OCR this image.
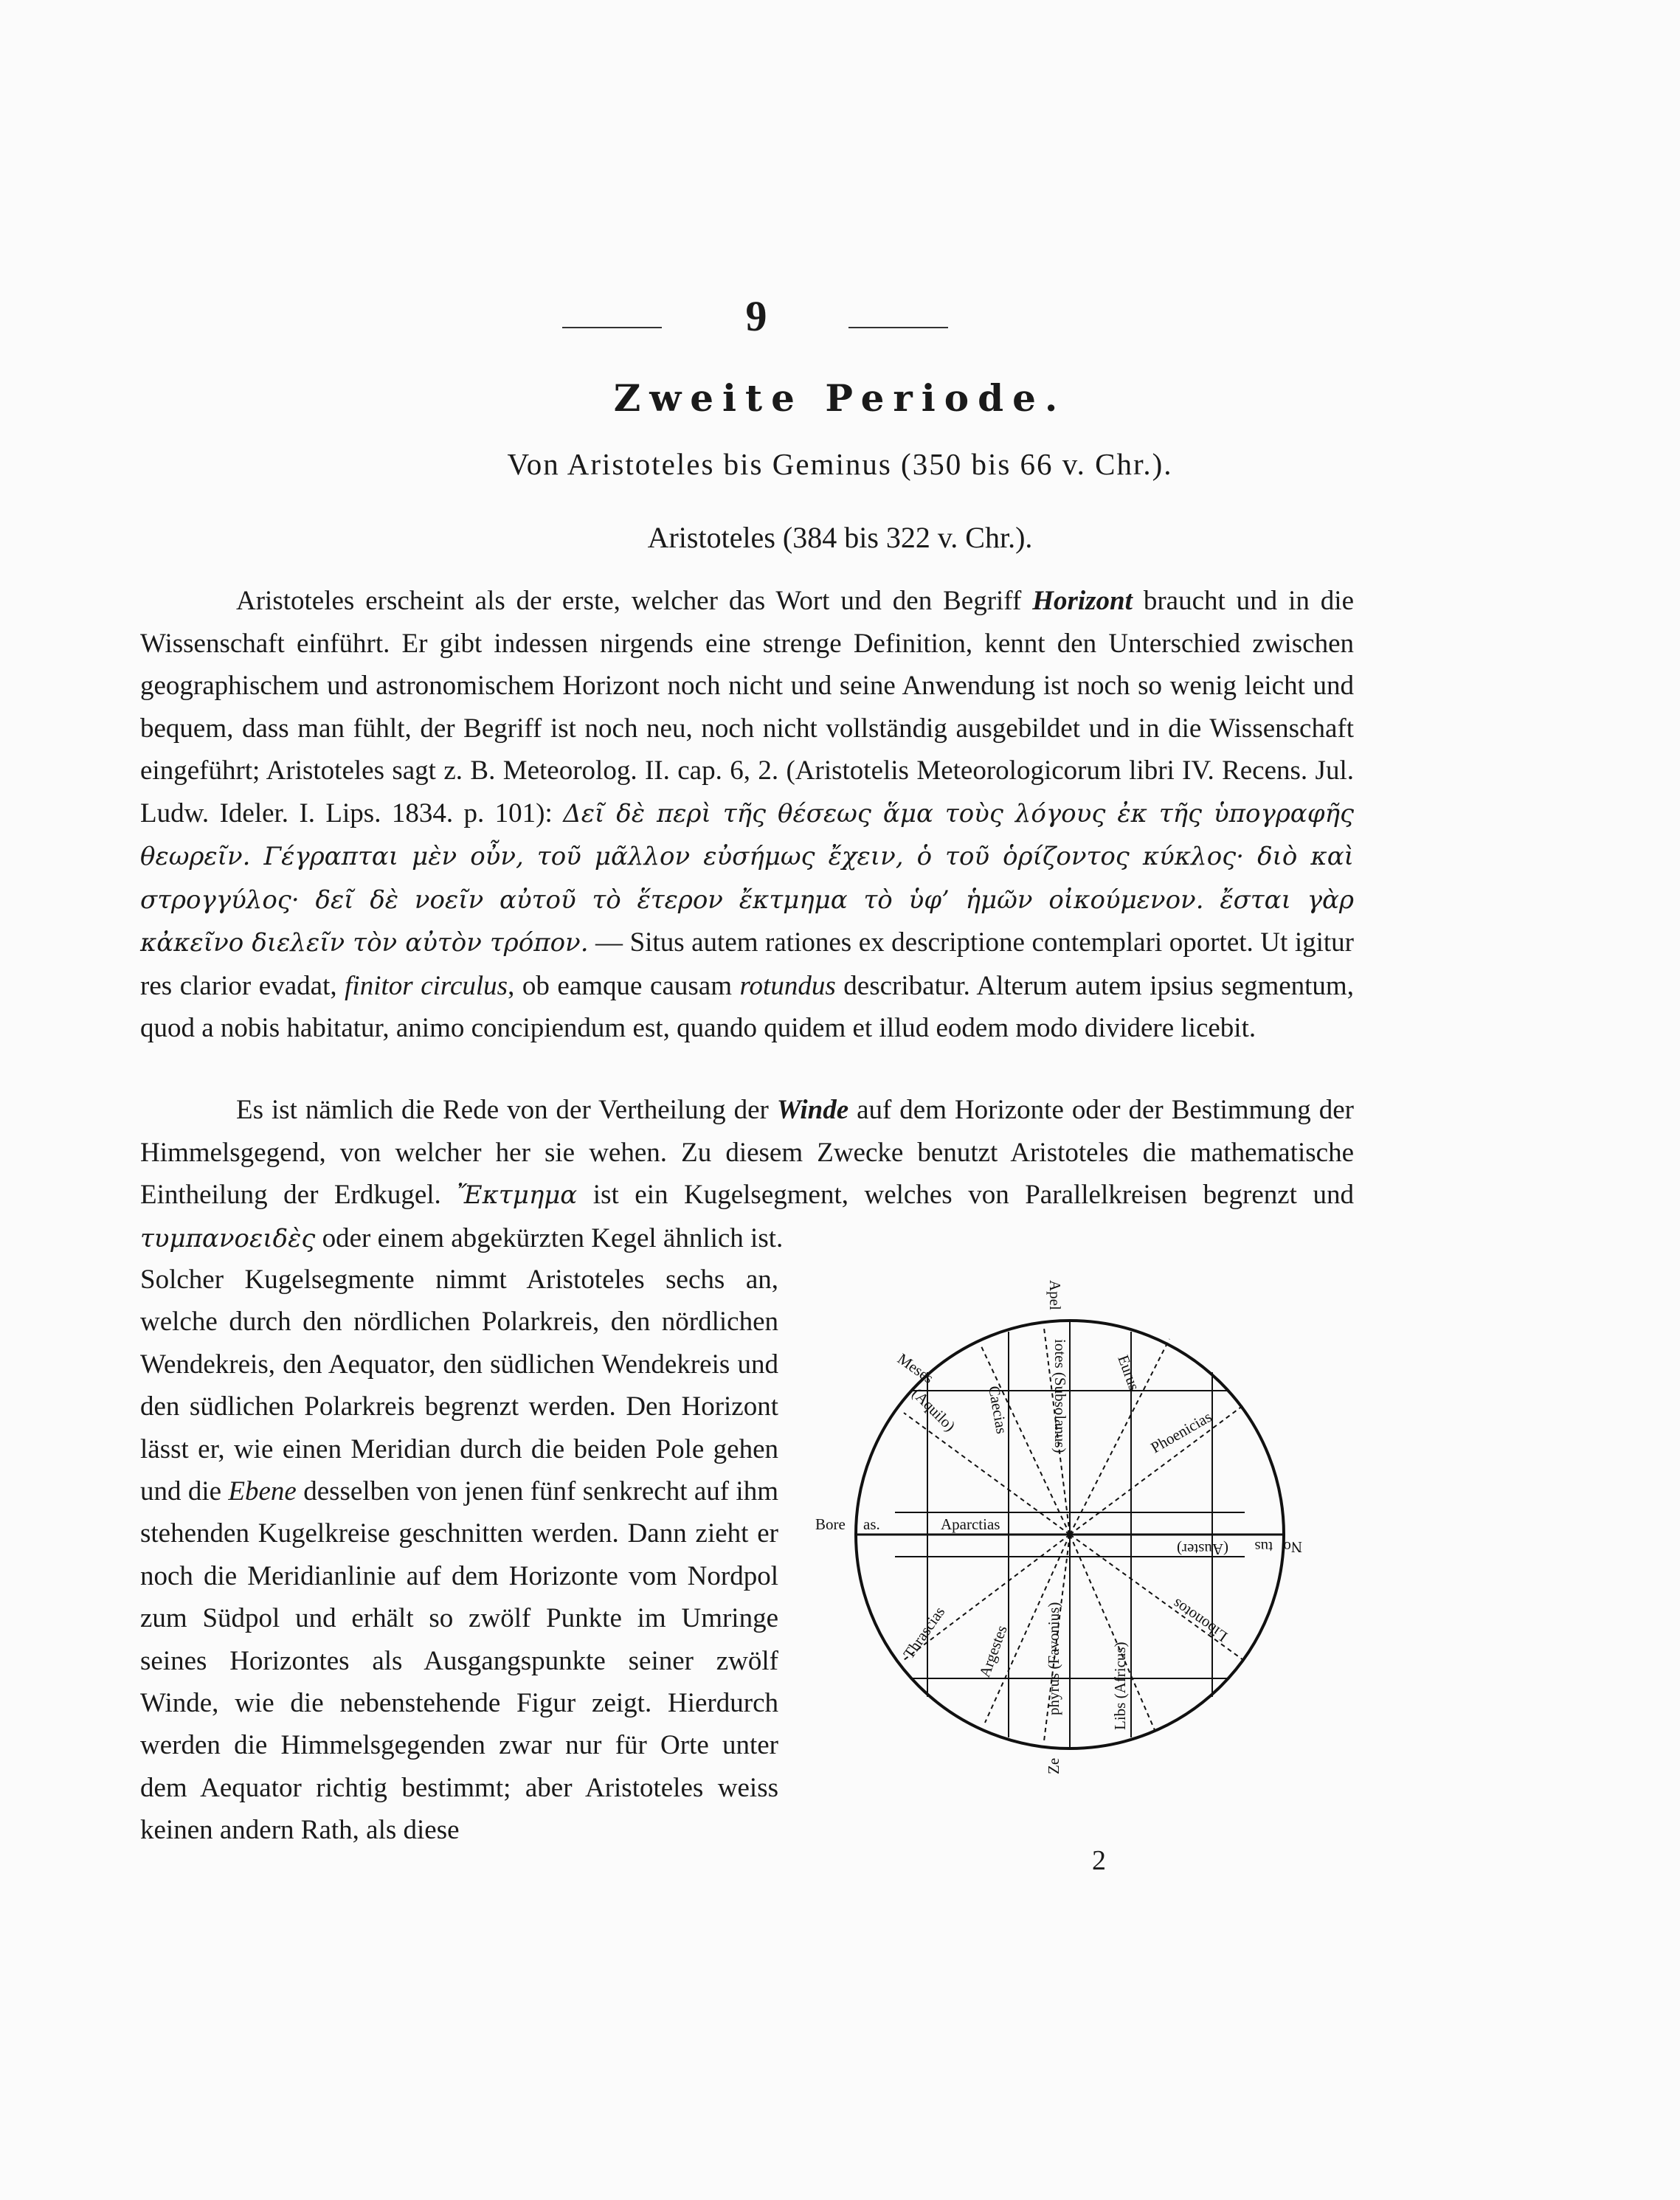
9
Zweite Periode.
Von Aristoteles bis Geminus (350 bis 66 v. Chr.).
Aristoteles (384 bis 322 v. Chr.).

Aristoteles erscheint als der erste, welcher das Wort und den Begriff Horizont braucht und in die Wissenschaft einführt. Er gibt indessen nirgends eine strenge Definition, kennt den Unterschied zwischen geographischem und astronomischem Horizont noch nicht und seine Anwendung ist noch so wenig leicht und bequem, dass man fühlt, der Begriff ist noch neu, noch nicht vollständig ausgebildet und in die Wissenschaft eingeführt; Aristoteles sagt z. B. Meteorolog. II. cap. 6, 2. (Aristotelis Meteorologicorum libri IV. Recens. Jul. Ludw. Ideler. I. Lips. 1834. p. 101): Δεῖ δὲ περὶ τῆς θέσεως ἅμα τοὺς λόγους ἐκ τῆς ὑπογραφῆς θεωρεῖν. Γέγραπται μὲν οὖν, τοῦ μᾶλλον εὐσήμως ἔχειν, ὁ τοῦ ὁρίζοντος κύκλος· διὸ καὶ στρογγύλος· δεῖ δὲ νοεῖν αὐτοῦ τὸ ἕτερον ἔκτμημα τὸ ὑφ’ ἡμῶν οἰκούμενον. ἔσται γὰρ κἀκεῖνο διελεῖν τὸν αὐτὸν τρόπον. — Situs autem rationes ex descriptione contemplari oportet. Ut igitur res clarior evadat, finitor circulus, ob eamque causam rotundus describatur. Alterum autem ipsius segmentum, quod a nobis habitatur, animo concipiendum est, quando quidem et illud eodem modo dividere licebit.

Es ist nämlich die Rede von der Vertheilung der Winde auf dem Horizonte oder der Bestimmung der Himmelsgegend, von welcher her sie wehen. Zu diesem Zwecke benutzt Aristoteles die mathematische Eintheilung der Erdkugel. Ἔκτμημα ist ein Kugelsegment, welches von Parallelkreisen begrenzt und τυμπανοειδὲς oder einem abgekürzten Kegel ähnlich ist.

Solcher Kugelsegmente nimmt Aristoteles sechs an, welche durch den nördlichen Polarkreis, den nördlichen Wendekreis, den Aequator, den südlichen Wendekreis und den südlichen Polarkreis begrenzt werden. Den Horizont lässt er, wie einen Meridian durch die beiden Pole gehen und die Ebene desselben von jenen fünf senkrecht auf ihm stehenden Kugelkreise geschnitten werden. Dann zieht er noch die Meridianlinie auf dem Horizonte vom Nordpol zum Südpol und erhält so zwölf Punkte im Umringe seines Horizontes als Ausgangspunkte seiner zwölf Winde, wie die nebenstehende Figur zeigt. Hierdurch werden die Himmelsgegenden zwar nur für Orte unter dem Aequator richtig bestimmt; aber Aristoteles weiss keinen andern Rath, als diese

Apel
iotes (Subsolanus)	Eurus
Phoenicias
Meses
(Aquilo) Caecias
Bore as.	Aparctias
No
tus
(Auster)
Libonotos
Thrascias Argestes phyrus (Favonius)
Ze
Libs (Africus)
2
